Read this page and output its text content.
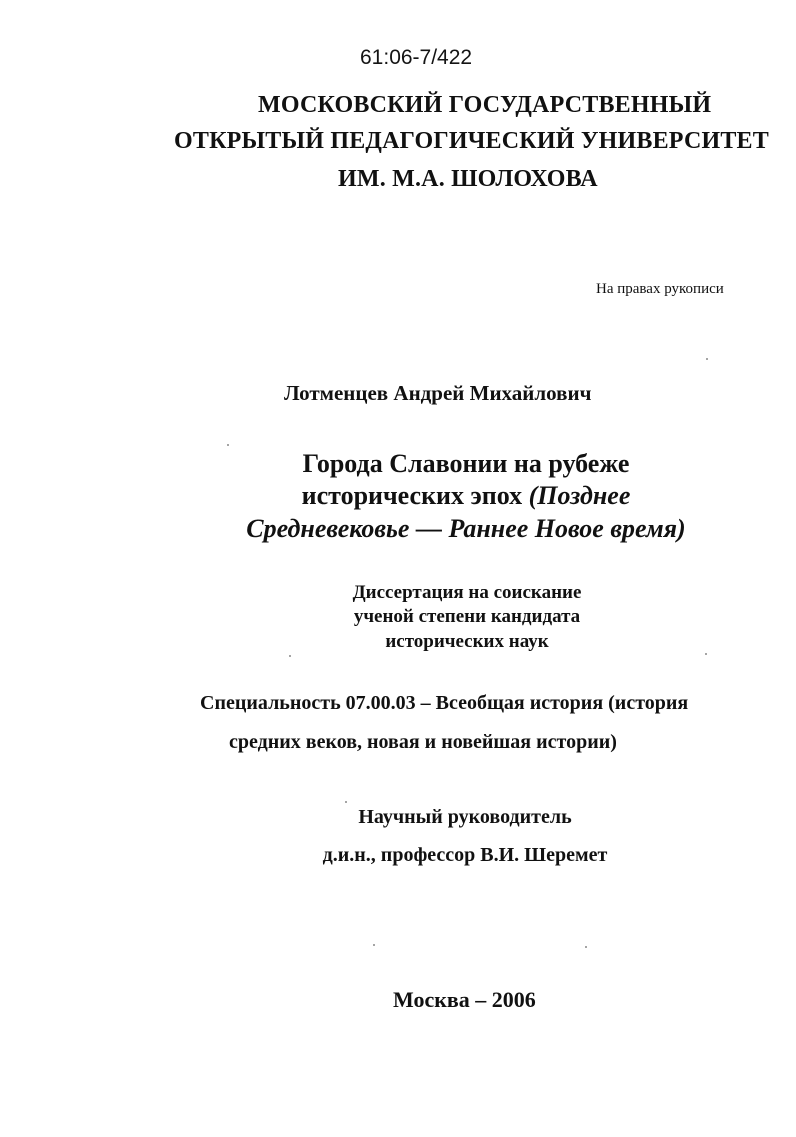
61:06-7/422
МОСКОВСКИЙ ГОСУДАРСТВЕННЫЙ
ОТКРЫТЫЙ ПЕДАГОГИЧЕСКИЙ УНИВЕРСИТЕТ
ИМ. М.А. ШОЛОХОВА
На правах рукописи
Лотменцев Андрей Михайлович
Города Славонии на рубеже
исторических эпох (Позднее
Средневековье — Раннее Новое время)
Диссертация на соискание
ученой степени кандидата
исторических наук
Специальность 07.00.03 – Всеобщая история (история
средних веков, новая и новейшая истории)
Научный руководитель
д.и.н., профессор В.И. Шеремет
Москва – 2006
